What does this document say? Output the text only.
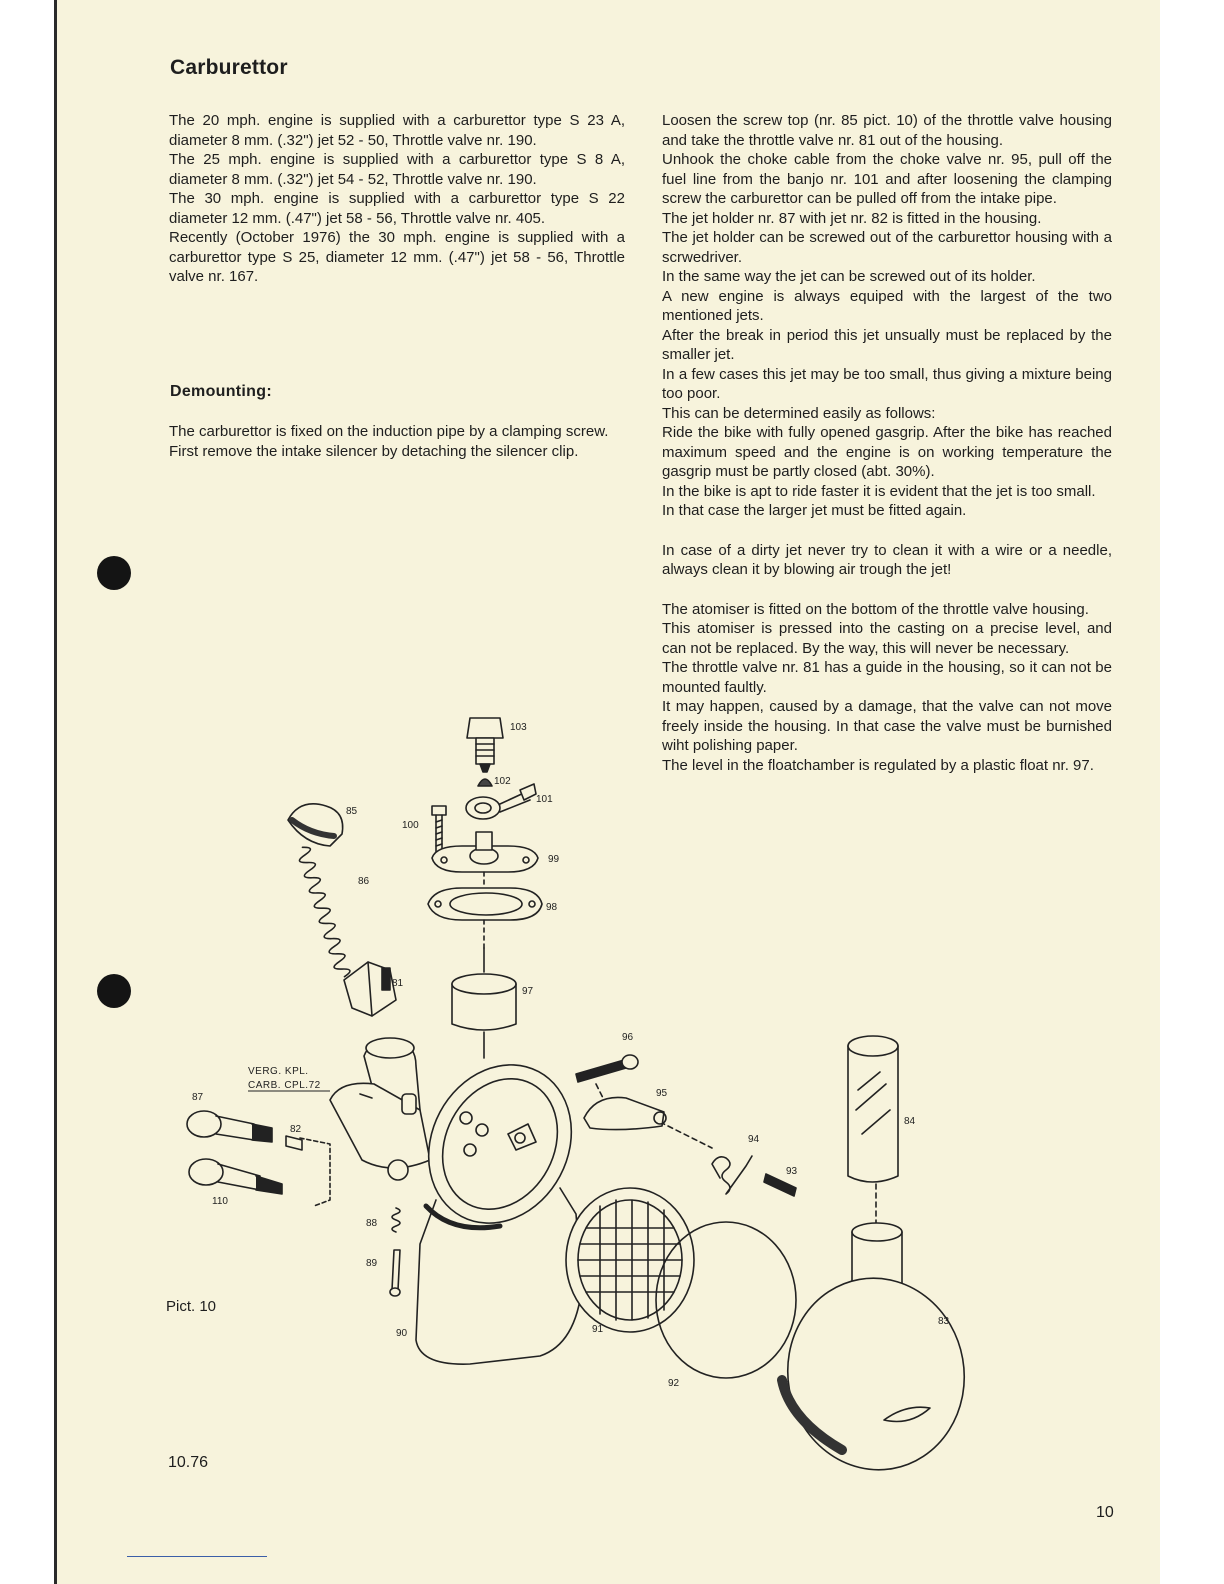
Carburettor

The 20 mph. engine is supplied with a carburettor type S 23 A, diameter 8 mm. (.32") jet 52 - 50, Throttle valve nr. 190.

The 25 mph. engine is supplied with a carburettor type S 8 A, diameter 8 mm. (.32") jet 54 - 52, Throttle valve nr. 190.

The 30 mph. engine is supplied with a carburettor type S 22 diameter 12 mm. (.47") jet 58 - 56, Throttle valve nr. 405.

Recently (October 1976) the 30 mph. engine is supplied with a carburettor type S 25, diameter 12 mm. (.47") jet 58 - 56, Throttle valve nr. 167.

Demounting:

The carburettor is fixed on the induction pipe by a clamping screw.

First remove the intake silencer by detaching the silencer clip.

Loosen the screw top (nr. 85 pict. 10) of the throttle valve housing and take the throttle valve nr. 81 out of the housing.

Unhook the choke cable from the choke valve nr. 95, pull off the fuel line from the banjo nr. 101 and after loosening the clamping screw the carburettor can be pulled off from the intake pipe.

The jet holder nr. 87 with jet nr. 82 is fitted in the housing.

The jet holder can be screwed out of the carburettor housing with a scrwedriver.

In the same way the jet can be screwed out of its holder.

A new engine is always equiped with the largest of the two mentioned jets.

After the break in period this jet unsually must be replaced by the smaller jet.

In a few cases this jet may be too small, thus giving a mixture being too poor.

This can be determined easily as follows:

Ride the bike with fully opened gasgrip. After the bike has reached maximum speed and the engine is on working temperature the gasgrip must be partly closed (abt. 30%).

In the bike is apt to ride faster it is evident that the jet is too small.

In that case the larger jet must be fitted again.

In case of a dirty jet never try to clean it with a wire or a needle, always clean it by blowing air trough the jet!

The atomiser is fitted on the bottom of the throttle valve housing.

This atomiser is pressed into the casting on a precise level, and can not be replaced. By the way, this will never be necessary.

The throttle valve nr. 81 has a guide in the housing, so it can not be mounted faultly.

It may happen, caused by a damage, that the valve can not move freely inside the housing. In that case the valve must be burnished wiht polishing paper.

The level in the floatchamber is regulated by a plastic float nr. 97.

103
102
101
100
99
98
97
96
95
94
93
92
91
90
89
88
87
86
85
84
83
82
81
110
VERG. KPL.
CARB. CPL.72
Pict. 10
10.76
10
